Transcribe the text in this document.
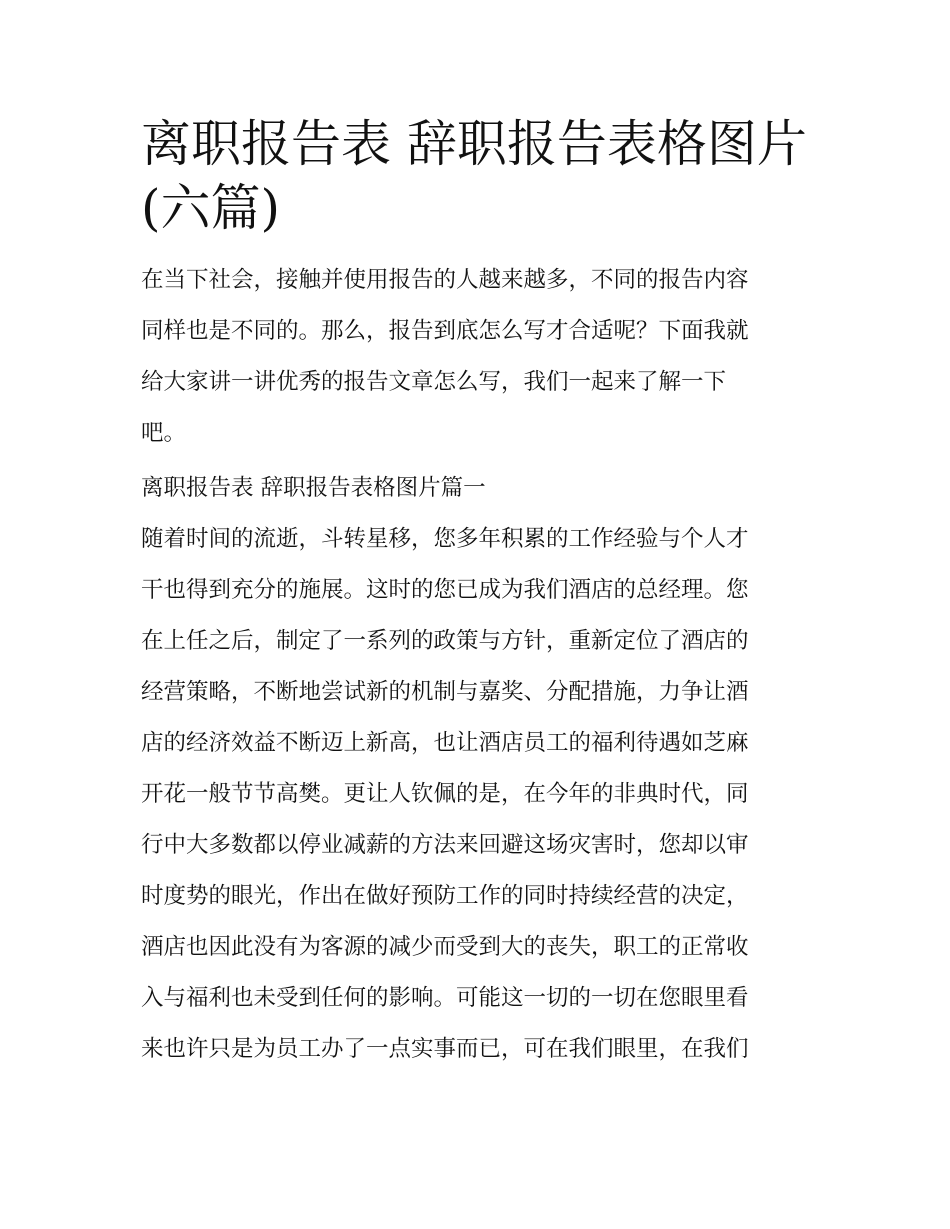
离职报告表 辞职报告表格图片
(六篇)
在当下社会，接触并使用报告的人越来越多，不同的报告内容
同样也是不同的。那么，报告到底怎么写才合适呢？下面我就
给大家讲一讲优秀的报告文章怎么写，我们一起来了解一下
吧。
离职报告表 辞职报告表格图片篇一
随着时间的流逝，斗转星移，您多年积累的工作经验与个人才
干也得到充分的施展。这时的您已成为我们酒店的总经理。您
在上任之后，制定了一系列的政策与方针，重新定位了酒店的
经营策略，不断地尝试新的机制与嘉奖、分配措施，力争让酒
店的经济效益不断迈上新高，也让酒店员工的福利待遇如芝麻
开花一般节节高樊。更让人钦佩的是，在今年的非典时代，同
行中大多数都以停业减薪的方法来回避这场灾害时，您却以审
时度势的眼光，作出在做好预防工作的同时持续经营的决定，
酒店也因此没有为客源的减少而受到大的丧失，职工的正常收
入与福利也未受到任何的影响。可能这一切的一切在您眼里看
来也许只是为员工办了一点实事而已，可在我们眼里，在我们
